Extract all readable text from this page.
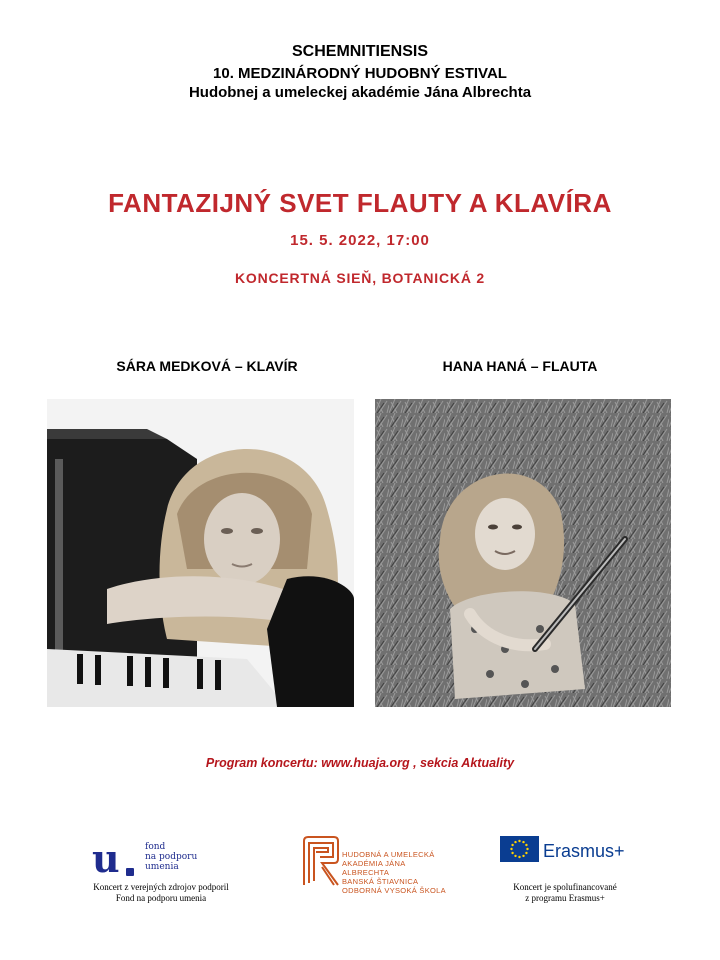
SCHEMNITIENSIS
10. MEDZINÁRODNÝ HUDOBNÝ ESTIVAL
Hudobnej a umeleckej akadémie Jána Albrechta
FANTAZIJNÝ SVET FLAUTY A KLAVÍRA
15. 5. 2022, 17:00
KONCERTNÁ SIEŇ, BOTANICKÁ 2
SÁRA MEDKOVÁ – KLAVÍR	HANA HANÁ – FLAUTA
Program koncertu: www.huaja.org , sekcia Aktuality
u	fond
na podporu
umenia
Koncert z verejných zdrojov podporil
Fond na podporu umenia
HUDOBNÁ A UMELECKÁ
AKADÉMIA JÁNA ALBRECHTA
BANSKÁ ŠTIAVNICA
ODBORNÁ VYSOKÁ ŠKOLA
Erasmus+
Koncert je spolufinancované
z programu Erasmus+
